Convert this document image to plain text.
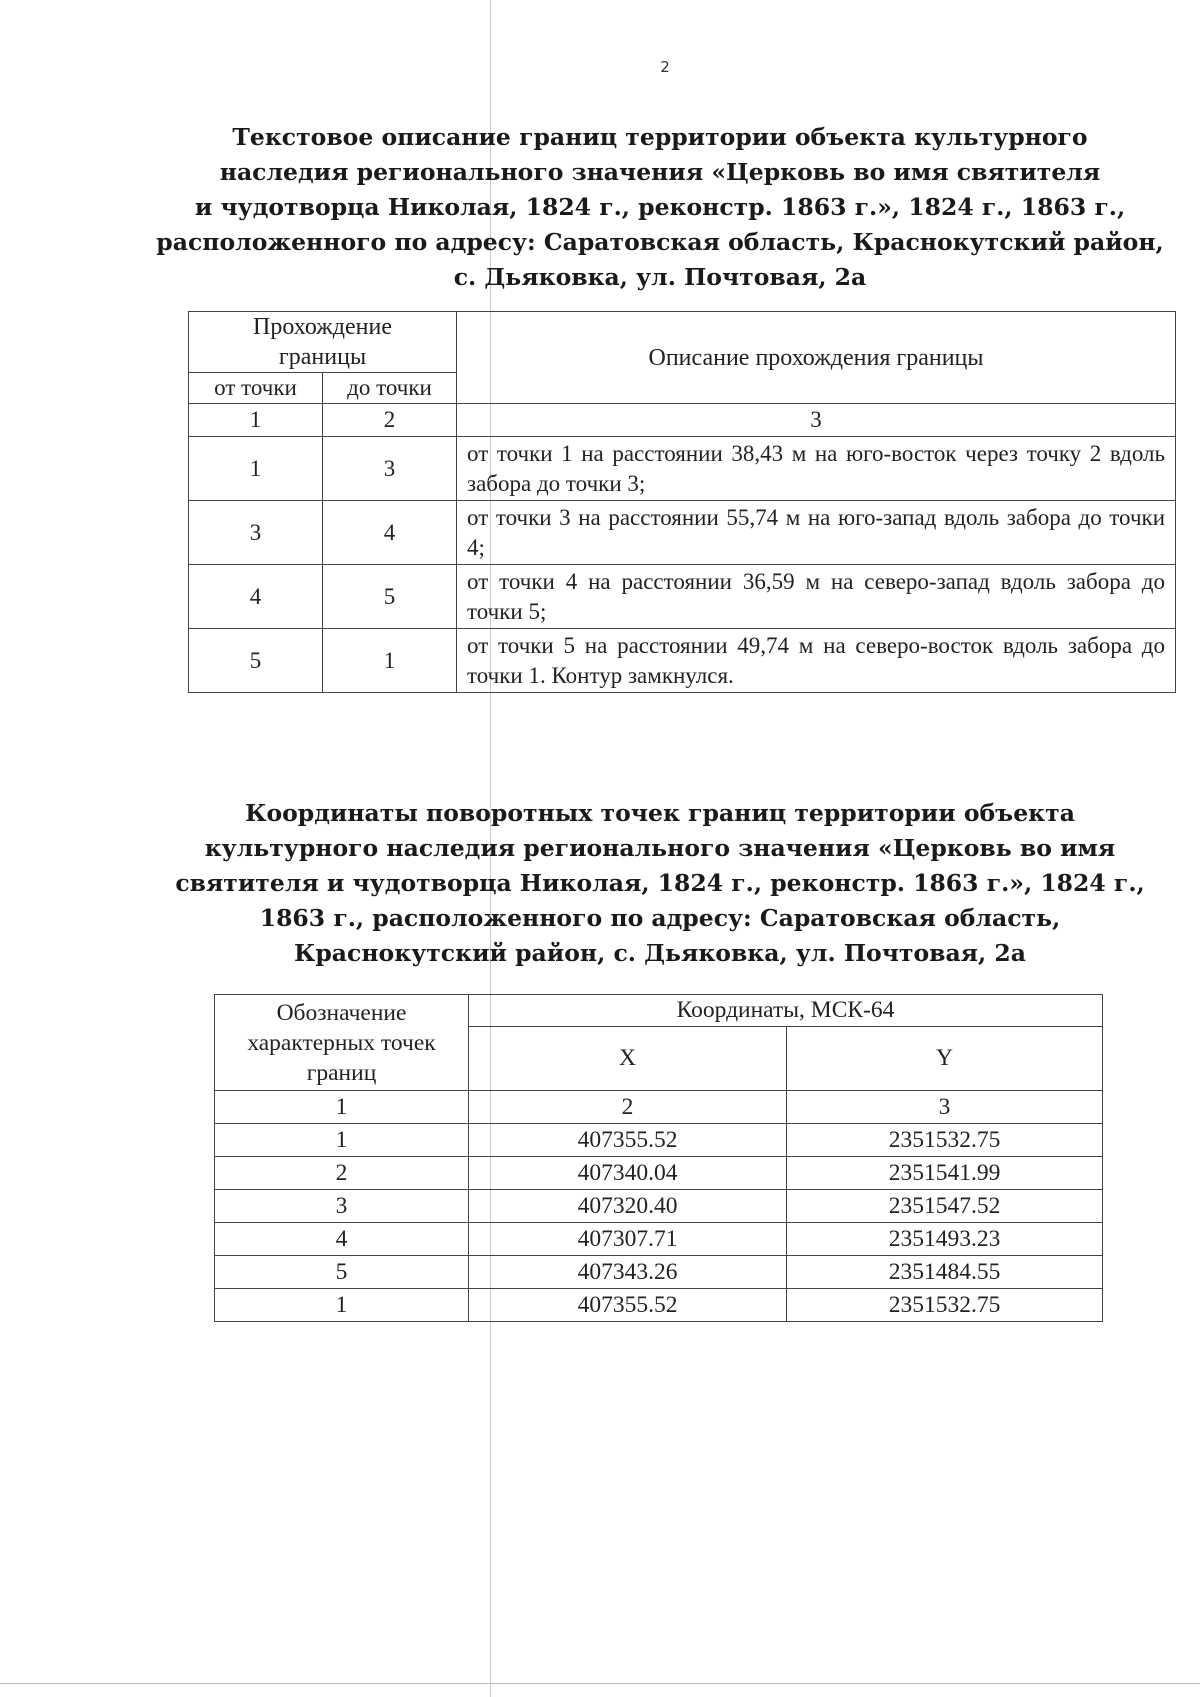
2
Текстовое описание границ территории объекта культурного
наследия регионального значения «Церковь во имя святителя
и чудотворца Николая, 1824 г., реконстр. 1863 г.», 1824 г., 1863 г.,
расположенного по адресу: Саратовская область, Краснокутский район,
с. Дьяковка, ул. Почтовая, 2а
Прохождение границы		Описание прохождения границы
от точки	до точки	
1	2	3
1	3	от точки 1 на расстоянии 38,43 м на юго-восток через точку 2 вдоль забора до точки 3;
3	4	от точки 3 на расстоянии 55,74 м на юго-запад вдоль забора до точки 4;
4	5	от точки 4 на расстоянии 36,59 м на северо-запад вдоль забора до точки 5;
5	1	от точки 5 на расстоянии 49,74 м на северо-восток вдоль забора до точки 1. Контур замкнулся.
Координаты поворотных точек границ территории объекта
культурного наследия регионального значения «Церковь во имя
святителя и чудотворца Николая, 1824 г., реконстр. 1863 г.», 1824 г.,
1863 г., расположенного по адресу: Саратовская область,
Краснокутский район, с. Дьяковка, ул. Почтовая, 2а
Обозначение характерных точек границ	Координаты, МСК-64	
	X	Y
1	2	3
1	407355.52	2351532.75
2	407340.04	2351541.99
3	407320.40	2351547.52
4	407307.71	2351493.23
5	407343.26	2351484.55
1	407355.52	2351532.75
